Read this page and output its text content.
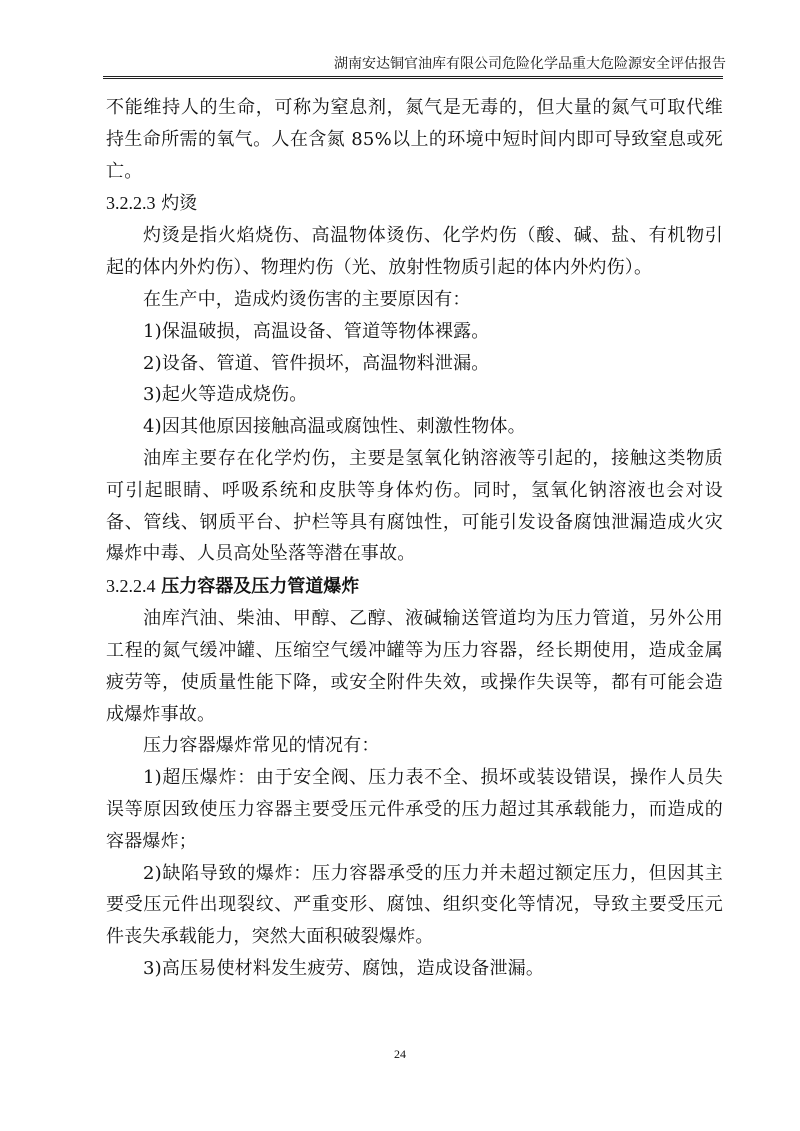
湖南安达铜官油库有限公司危险化学品重大危险源安全评估报告

不能维持人的生命，可称为窒息剂，氮气是无毒的，但大量的氮气可取代维持生命所需的氧气。人在含氮 85%以上的环境中短时间内即可导致窒息或死亡。

3.2.2.3 灼烫

灼烫是指火焰烧伤、高温物体烫伤、化学灼伤（酸、碱、盐、有机物引起的体内外灼伤）、物理灼伤（光、放射性物质引起的体内外灼伤）。

在生产中，造成灼烫伤害的主要原因有：

1)保温破损，高温设备、管道等物体裸露。

2)设备、管道、管件损坏，高温物料泄漏。

3)起火等造成烧伤。

4)因其他原因接触高温或腐蚀性、刺激性物体。

油库主要存在化学灼伤，主要是氢氧化钠溶液等引起的，接触这类物质可引起眼睛、呼吸系统和皮肤等身体灼伤。同时，氢氧化钠溶液也会对设备、管线、钢质平台、护栏等具有腐蚀性，可能引发设备腐蚀泄漏造成火灾爆炸中毒、人员高处坠落等潜在事故。

3.2.2.4 压力容器及压力管道爆炸

油库汽油、柴油、甲醇、乙醇、液碱输送管道均为压力管道，另外公用工程的氮气缓冲罐、压缩空气缓冲罐等为压力容器，经长期使用，造成金属疲劳等，使质量性能下降，或安全附件失效，或操作失误等，都有可能会造成爆炸事故。

压力容器爆炸常见的情况有：

1)超压爆炸：由于安全阀、压力表不全、损坏或装设错误，操作人员失误等原因致使压力容器主要受压元件承受的压力超过其承载能力，而造成的容器爆炸；

2)缺陷导致的爆炸：压力容器承受的压力并未超过额定压力，但因其主要受压元件出现裂纹、严重变形、腐蚀、组织变化等情况，导致主要受压元件丧失承载能力，突然大面积破裂爆炸。

3)高压易使材料发生疲劳、腐蚀，造成设备泄漏。

24
